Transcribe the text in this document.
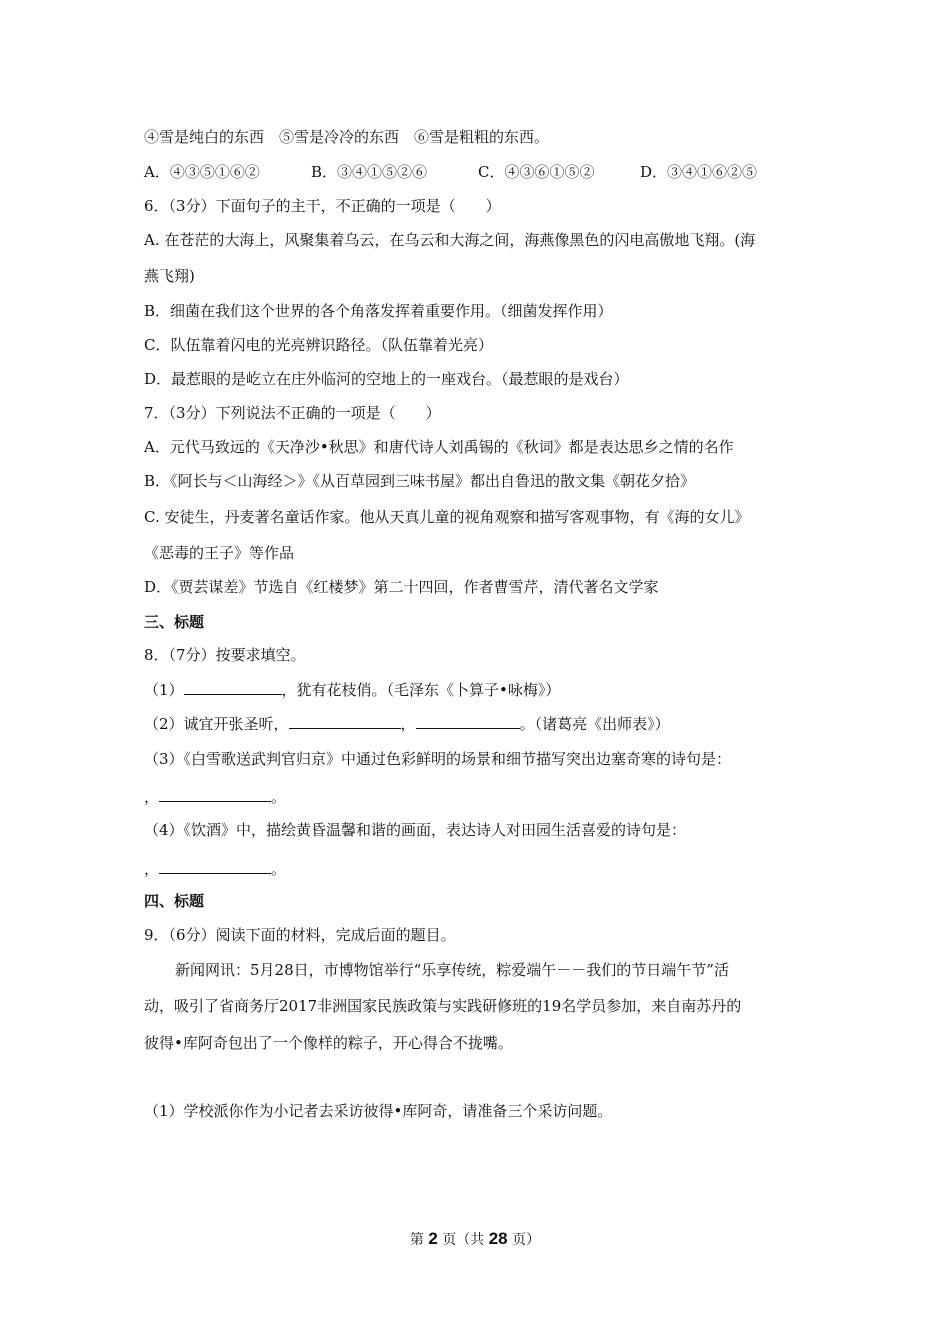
④雪是纯白的东西　⑤雪是冷冷的东西　⑥雪是粗粗的东西。
A．④③⑤①⑥②	B．③④①⑤②⑥	C．④③⑥①⑤②	D．③④①⑥②⑤
6．（3分）下面句子的主干，不正确的一项是（　　）
A. 在苍茫的大海上，风聚集着乌云，在乌云和大海之间，海燕像黑色的闪电高傲地飞翔。(海
燕飞翔)
B．细菌在我们这个世界的各个角落发挥着重要作用。（细菌发挥作用）
C．队伍靠着闪电的光亮辨识路径。（队伍靠着光亮）
D．最惹眼的是屹立在庄外临河的空地上的一座戏台。（最惹眼的是戏台）
7．（3分）下列说法不正确的一项是（　　）
A．元代马致远的《天净沙•秋思》和唐代诗人刘禹锡的《秋词》都是表达思乡之情的名作
B．《阿长与＜山海经＞》《从百草园到三味书屋》都出自鲁迅的散文集《朝花夕拾》
C. 安徒生，丹麦著名童话作家。他从天真儿童的视角观察和描写客观事物，有《海的女儿》
《恶毒的王子》等作品
D．《贾芸谋差》节选自《红楼梦》第二十四回，作者曹雪芹，清代著名文学家
三、标题
8．（7分）按要求填空。
（1）	，犹有花枝俏。（毛泽东《卜算子•咏梅》）
（2）诚宜开张圣听，	，	。（诸葛亮《出师表》）
（3）《白雪歌送武判官归京》中通过色彩鲜明的场景和细节描写突出边塞奇寒的诗句是：
，	。
（4）《饮酒》中，描绘黄昏温馨和谐的画面，表达诗人对田园生活喜爱的诗句是：
，	。
四、标题
9．（6分）阅读下面的材料，完成后面的题目。
新闻网讯：5月28日，市博物馆举行“乐享传统，粽爱端午－－我们的节日端午节”活
动，吸引了省商务厅2017非洲国家民族政策与实践研修班的19名学员参加，来自南苏丹的
彼得•库阿奇包出了一个像样的粽子，开心得合不拢嘴。
（1）学校派你作为小记者去采访彼得•库阿奇，请准备三个采访问题。
第 2 页（共 28 页）
